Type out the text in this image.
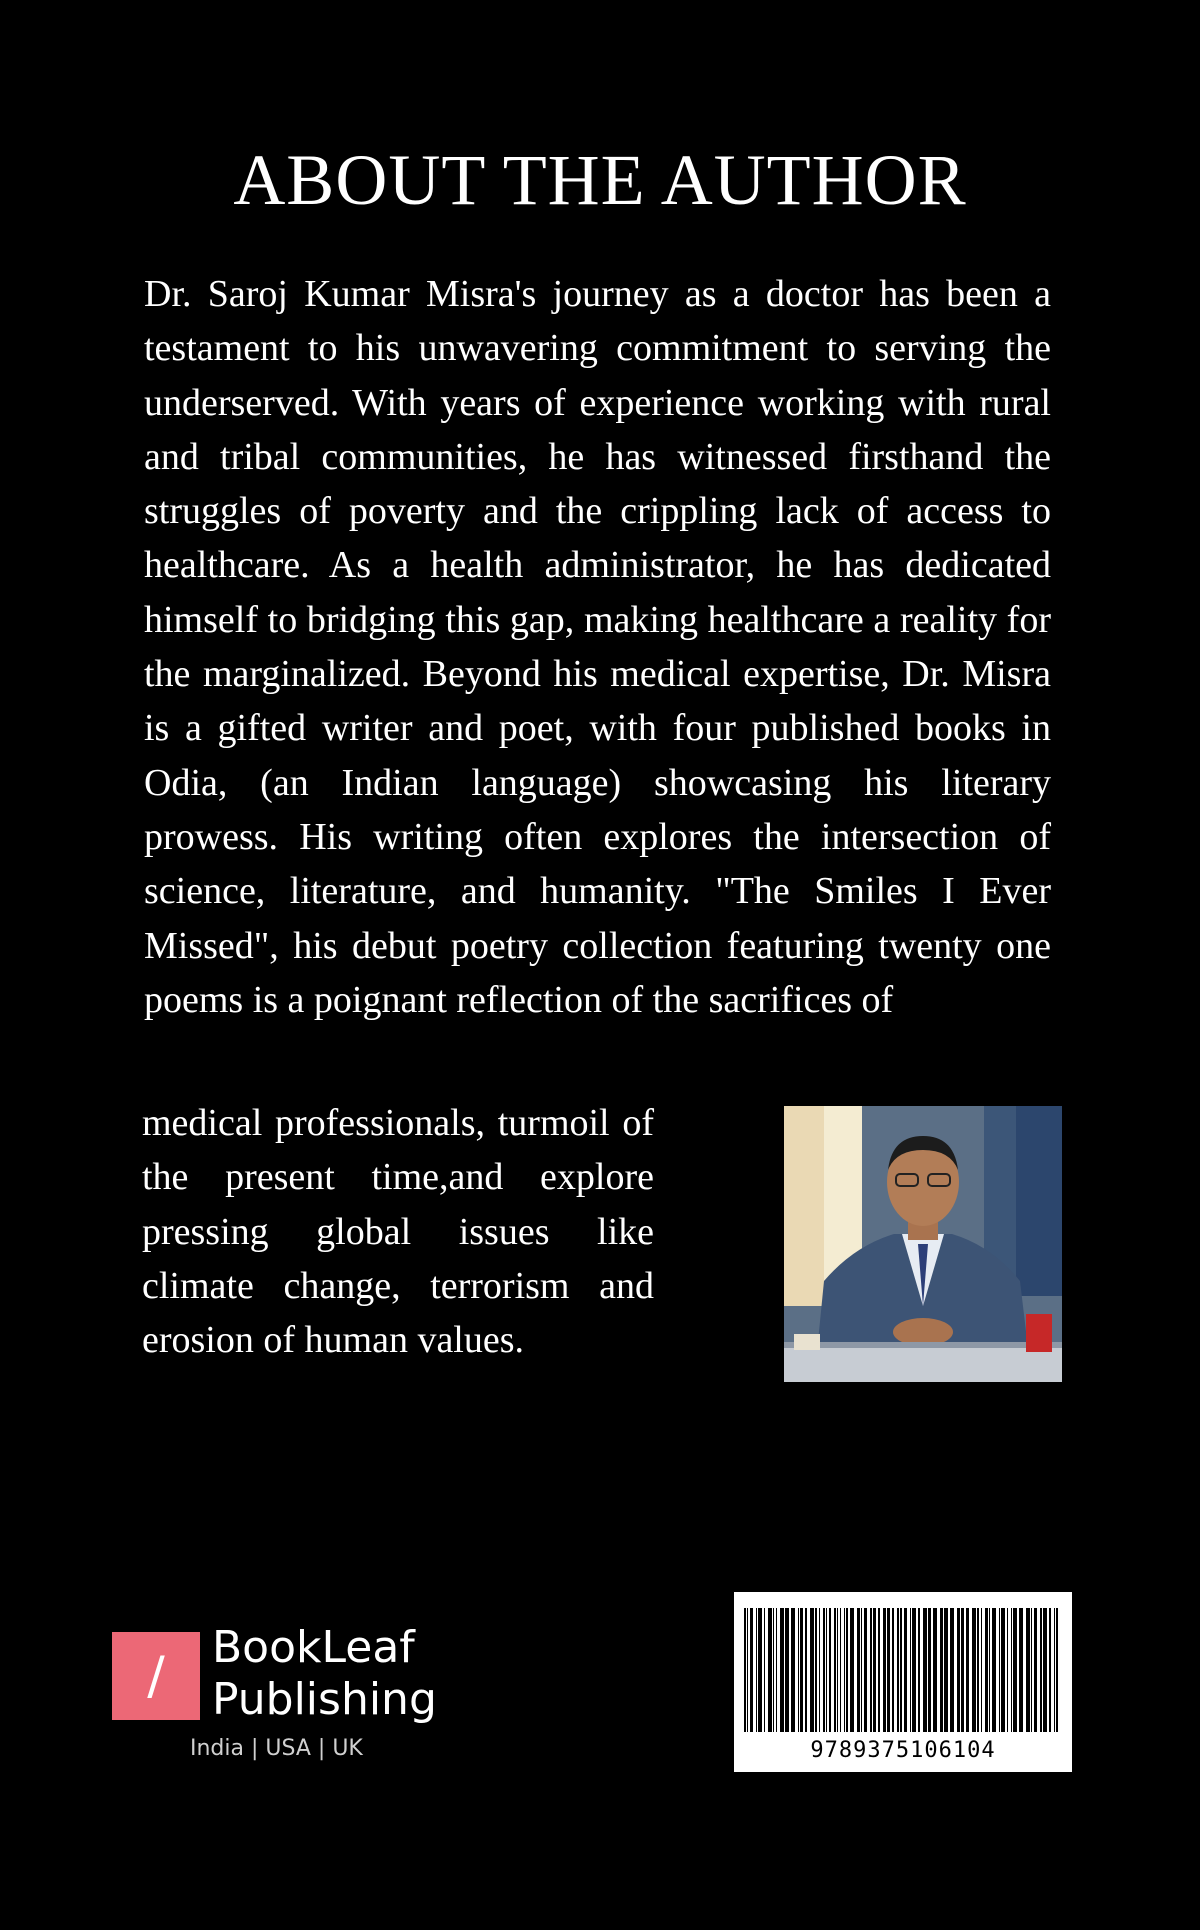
ABOUT THE AUTHOR

Dr. Saroj Kumar Misra's journey as a doctor has been a testament to his unwavering commitment to serving the underserved. With years of experience working with rural and tribal communities, he has witnessed firsthand the struggles of poverty and the crippling lack of access to healthcare. As a health administrator, he has dedicated himself to bridging this gap, making healthcare a reality for the marginalized. Beyond his medical expertise, Dr. Misra is a gifted writer and poet, with four published books in Odia, (an Indian language) showcasing his literary prowess. His writing often explores the intersection of science, literature, and humanity. "The Smiles I Ever Missed", his debut poetry collection featuring twenty one poems is a poignant reflection of the sacrifices of

medical professionals, turmoil of the present time,and explore pressing global issues like climate change, terrorism and erosion of human values.

/	BookLeaf
Publishing
India | USA | UK	9789375106104
